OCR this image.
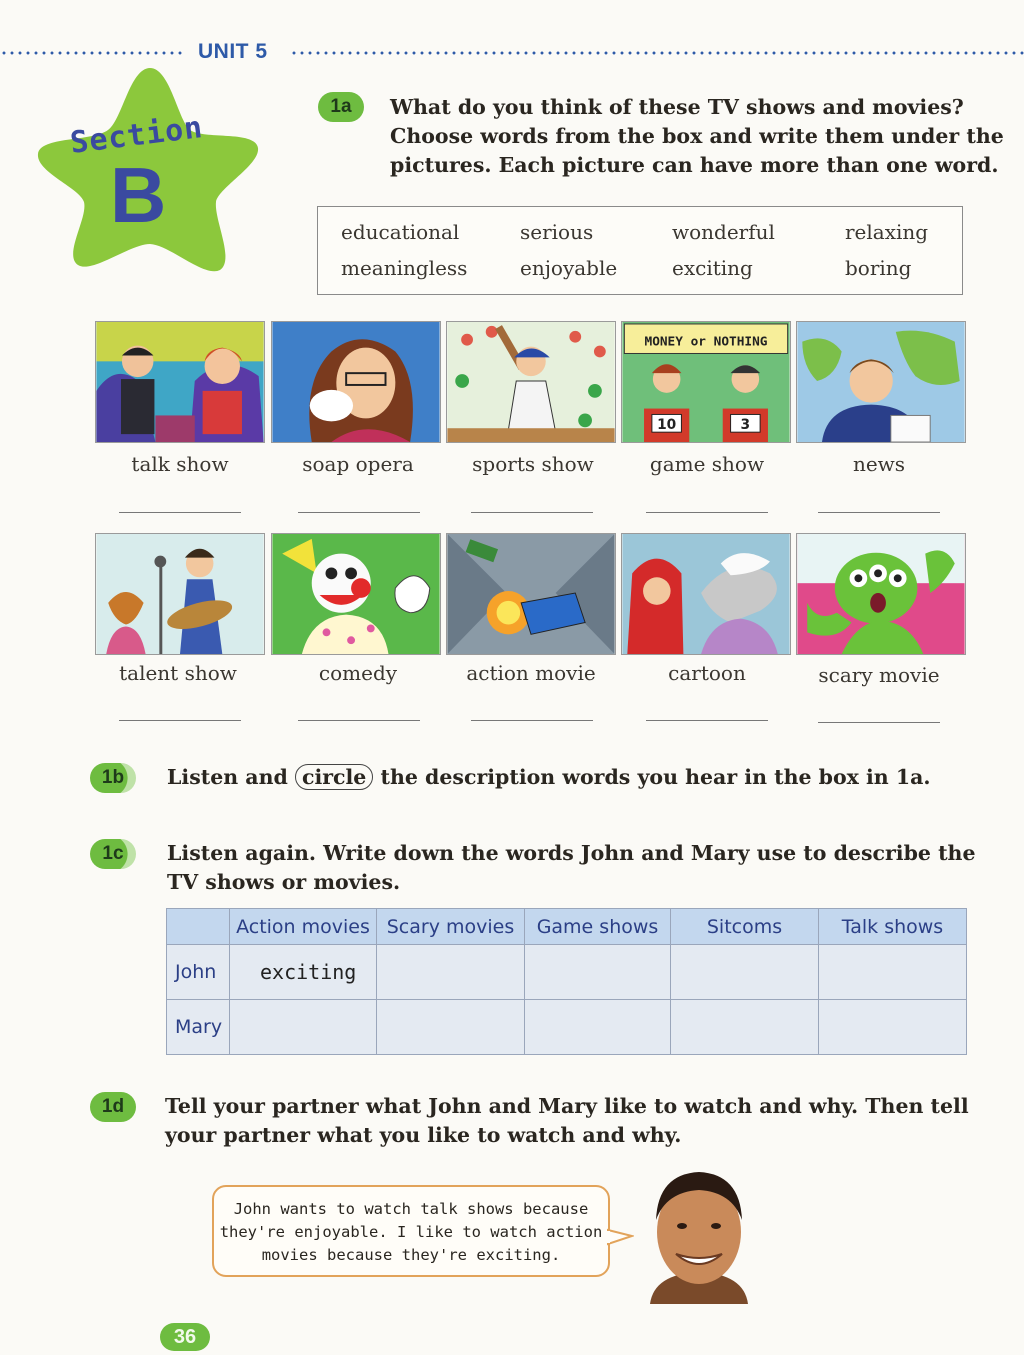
UNIT 5
Section
B
1a	What do you think of these TV shows and movies?
Choose words from the box and write them under the
pictures. Each picture can have more than one word.
educational	serious	wonderful	relaxing
meaningless	enjoyable	exciting	boring
MONEY or NOTHING
10	3
talk show	soap opera	sports show	game show	news
talent show	comedy	action movie	cartoon	scary movie
1b	Listen and circle the description words you hear in the box in 1a.
1c	Listen again. Write down the words John and Mary use to describe the
TV shows or movies.
	Action movies	Scary movies	Game shows	Sitcoms	Talk shows
John	exciting				
Mary					
1d	Tell your partner what John and Mary like to watch and why. Then tell
your partner what you like to watch and why.
John wants to watch talk shows because
they're enjoyable. I like to watch action
movies because they're exciting.
36
